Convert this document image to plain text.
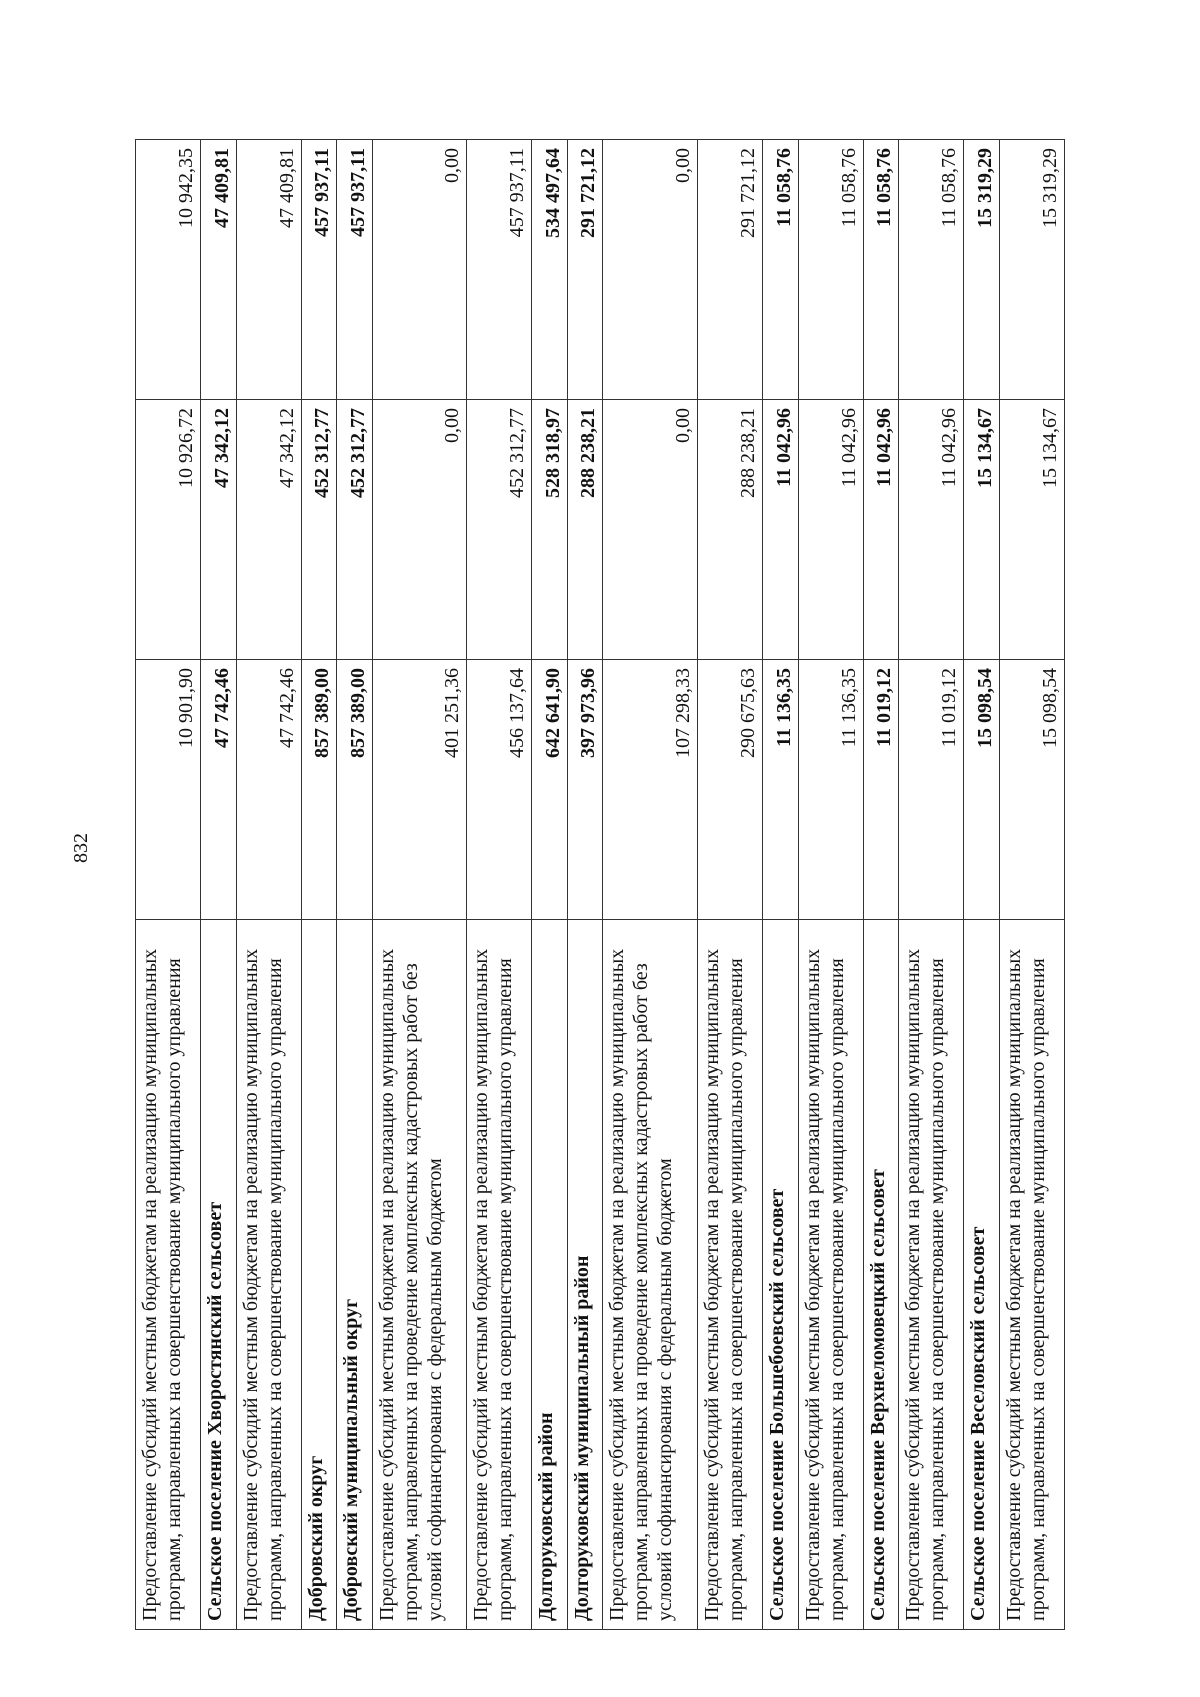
832
Предоставление субсидий местным бюджетам на реализацию муниципальных программ, направленных на совершенствование муниципального управления	10 901,90	10 926,72	10 942,35
Сельское поселение Хворостянский сельсовет	47 742,46	47 342,12	47 409,81
Предоставление субсидий местным бюджетам на реализацию муниципальных программ, направленных на совершенствование муниципального управления	47 742,46	47 342,12	47 409,81
Добровский округ	857 389,00	452 312,77	457 937,11
Добровский муниципальный округ	857 389,00	452 312,77	457 937,11
Предоставление субсидий местным бюджетам на реализацию муниципальных программ, направленных на проведение комплексных кадастровых работ без условий софинансирования с федеральным бюджетом	401 251,36	0,00	0,00
Предоставление субсидий местным бюджетам на реализацию муниципальных программ, направленных на совершенствование муниципального управления	456 137,64	452 312,77	457 937,11
Долгоруковский район	642 641,90	528 318,97	534 497,64
Долгоруковский муниципальный район	397 973,96	288 238,21	291 721,12
Предоставление субсидий местным бюджетам на реализацию муниципальных программ, направленных на проведение комплексных кадастровых работ без условий софинансирования с федеральным бюджетом	107 298,33	0,00	0,00
Предоставление субсидий местным бюджетам на реализацию муниципальных программ, направленных на совершенствование муниципального управления	290 675,63	288 238,21	291 721,12
Сельское поселение Большебоевский сельсовет	11 136,35	11 042,96	11 058,76
Предоставление субсидий местным бюджетам на реализацию муниципальных программ, направленных на совершенствование муниципального управления	11 136,35	11 042,96	11 058,76
Сельское поселение Верхнеломовецкий сельсовет	11 019,12	11 042,96	11 058,76
Предоставление субсидий местным бюджетам на реализацию муниципальных программ, направленных на совершенствование муниципального управления	11 019,12	11 042,96	11 058,76
Сельское поселение Веселовский сельсовет	15 098,54	15 134,67	15 319,29
Предоставление субсидий местным бюджетам на реализацию муниципальных программ, направленных на совершенствование муниципального управления	15 098,54	15 134,67	15 319,29
